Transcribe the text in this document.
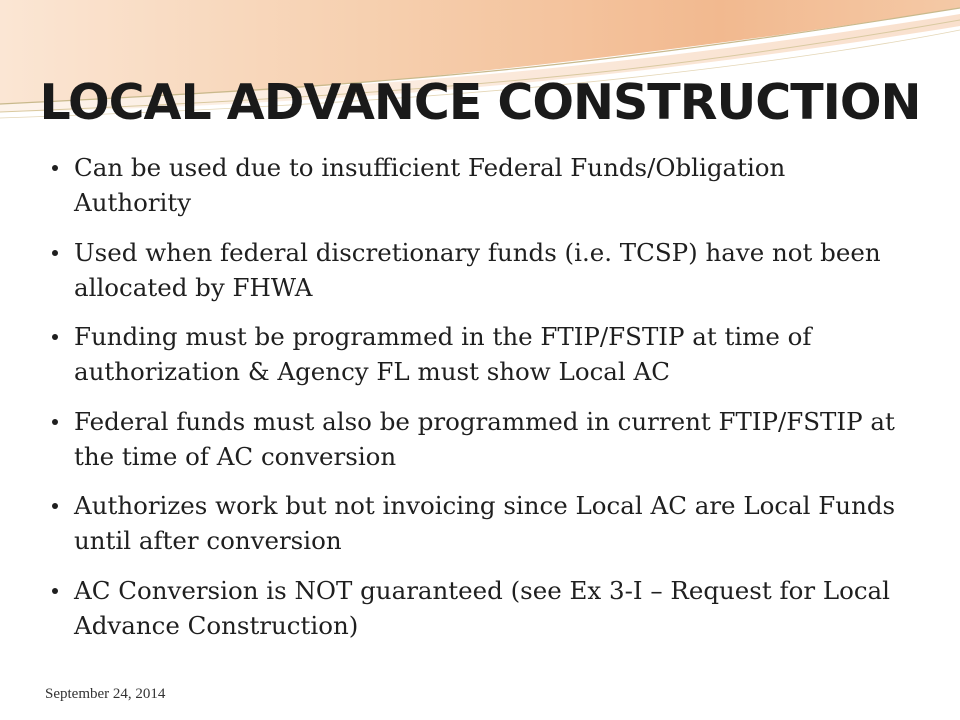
LOCAL ADVANCE CONSTRUCTION
Can be used due to insufficient Federal Funds/Obligation Authority
Used when federal discretionary funds (i.e. TCSP) have not been allocated by FHWA
Funding must be programmed in the FTIP/FSTIP at time of authorization & Agency FL must show Local AC
Federal funds must also be programmed in current FTIP/FSTIP at the time of AC conversion
Authorizes work but not invoicing since Local AC are Local Funds until after conversion
AC Conversion is NOT guaranteed (see Ex 3-I – Request for Local Advance Construction)
September 24, 2014
